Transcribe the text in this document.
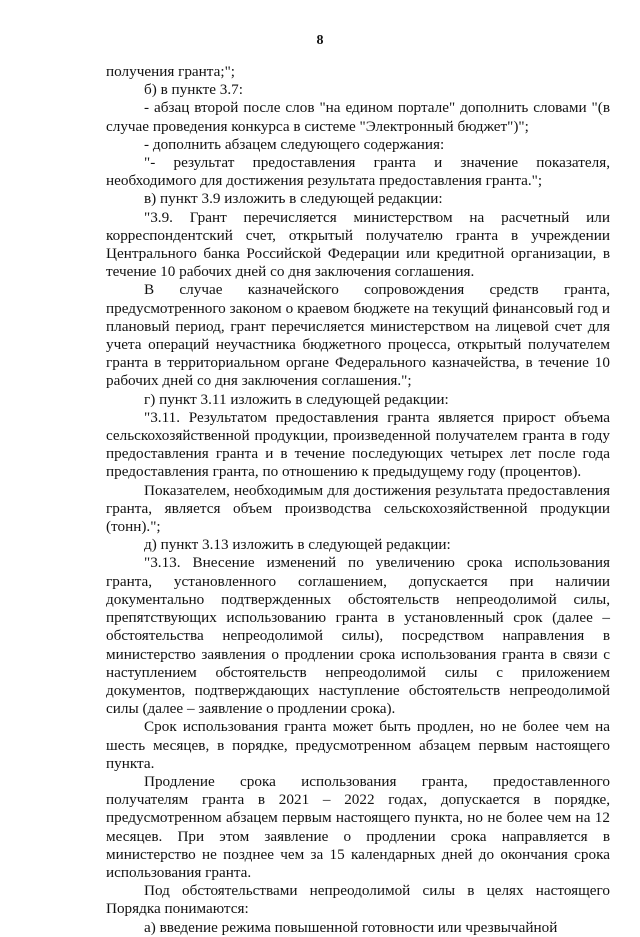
8

получения гранта;";

б) в пункте 3.7:

- абзац второй после слов "на едином портале" дополнить словами "(в случае проведения конкурса в системе "Электронный бюджет")";

- дополнить абзацем следующего содержания:

"- результат предоставления гранта и значение показателя, необходимого для достижения результата предоставления гранта.";

в) пункт 3.9 изложить в следующей редакции:

"3.9. Грант перечисляется министерством на расчетный или корреспондентский счет, открытый получателю гранта в учреждении Центрального банка Российской Федерации или кредитной организации, в течение 10 рабочих дней со дня заключения соглашения.

В случае казначейского сопровождения средств гранта, предусмотренного законом о краевом бюджете на текущий финансовый год и плановый период, грант перечисляется министерством на лицевой счет для учета операций неучастника бюджетного процесса, открытый получателем гранта в территориальном органе Федерального казначейства, в течение 10 рабочих дней со дня заключения соглашения.";

г) пункт 3.11 изложить в следующей редакции:

"3.11. Результатом предоставления гранта является прирост объема сельскохозяйственной продукции, произведенной получателем гранта в году предоставления гранта и в течение последующих четырех лет после года предоставления гранта, по отношению к предыдущему году (процентов).

Показателем, необходимым для достижения результата предоставления гранта, является объем производства сельскохозяйственной продукции (тонн).";

д) пункт 3.13 изложить в следующей редакции:

"3.13. Внесение изменений по увеличению срока использования гранта, установленного соглашением, допускается при наличии документально подтвержденных обстоятельств непреодолимой силы, препятствующих использованию гранта в установленный срок (далее – обстоятельства непреодолимой силы), посредством направления в министерство заявления о продлении срока использования гранта в связи с наступлением обстоятельств непреодолимой силы с приложением документов, подтверждающих наступление обстоятельств непреодолимой силы (далее – заявление о продлении срока).

Срок использования гранта может быть продлен, но не более чем на шесть месяцев, в порядке, предусмотренном абзацем первым настоящего пункта.

Продление срока использования гранта, предоставленного получателям гранта в 2021 – 2022 годах, допускается в порядке, предусмотренном абзацем первым настоящего пункта, но не более чем на 12 месяцев. При этом заявление о продлении срока направляется в министерство не позднее чем за 15 календарных дней до окончания срока использования гранта.

Под обстоятельствами непреодолимой силы в целях настоящего Порядка понимаются:

а) введение режима повышенной готовности или чрезвычайной
